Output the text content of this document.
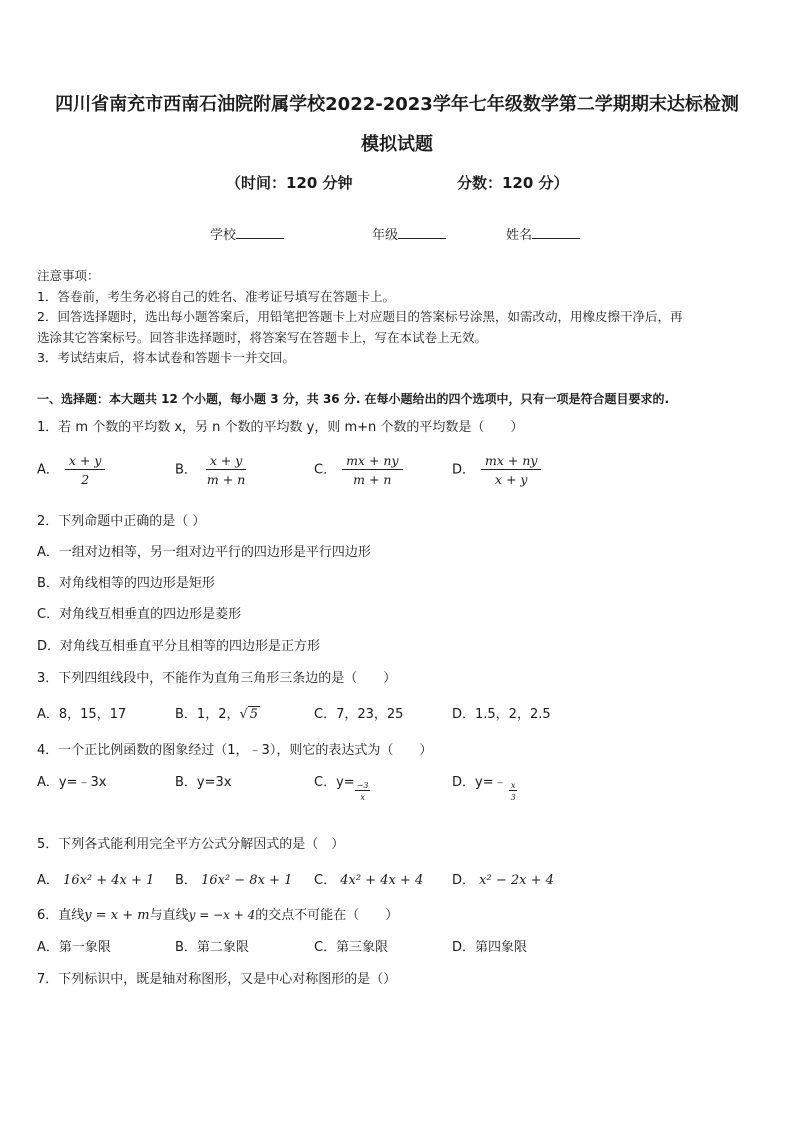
四川省南充市西南石油院附属学校2022-2023学年七年级数学第二学期期末达标检测
模拟试题
（时间：120 分钟	分数：120 分）
学校	年级	姓名
注意事项：
1．答卷前，考生务必将自己的姓名、准考证号填写在答题卡上。
2．回答选择题时，选出每小题答案后，用铅笔把答题卡上对应题目的答案标号涂黑，如需改动，用橡皮擦干净后，再
选涂其它答案标号。回答非选择题时，将答案写在答题卡上，写在本试卷上无效。
3．考试结束后，将本试卷和答题卡一并交回。
一、选择题：本大题共 12 个小题，每小题 3 分，共 36 分. 在每小题给出的四个选项中，只有一项是符合题目要求的.
1．若 m 个数的平均数 x，另 n 个数的平均数 y，则 m+n 个数的平均数是（　　）
A． $\frac{x + y}{2}$	B． $\frac{x + y}{m + n}$	C． $\frac{mx + ny}{m + n}$	D． $\frac{mx + ny}{x + y}$
2．下列命题中正确的是（ ）
A．一组对边相等，另一组对边平行的四边形是平行四边形
B．对角线相等的四边形是矩形
C．对角线互相垂直的四边形是菱形
D．对角线互相垂直平分且相等的四边形是正方形
3．下列四组线段中，不能作为直角三角形三条边的是（　　）
A．8，15，17	B．1，2，√ 5	C．7，23，25	D．1.5，2，2.5
4．一个正比例函数的图象经过（1，﹣3），则它的表达式为（　　）
A．y=﹣3x	B．y=3x	C．$y= \frac{-3}{x}$	D．y=﹣ $\frac{x}{3}$
5．下列各式能利用完全平方公式分解因式的是（　）
A． 16x² + 4x + 1 B． 16x² − 8x + 1 C． 4x² + 4x + 4 D． x² − 2x + 4
6．直线y = x + m与直线y = −x + 4的交点不可能在（　　）
A．第一象限	B．第二象限	C．第三象限	D．第四象限
7．下列标识中，既是轴对称图形，又是中心对称图形的是（）
